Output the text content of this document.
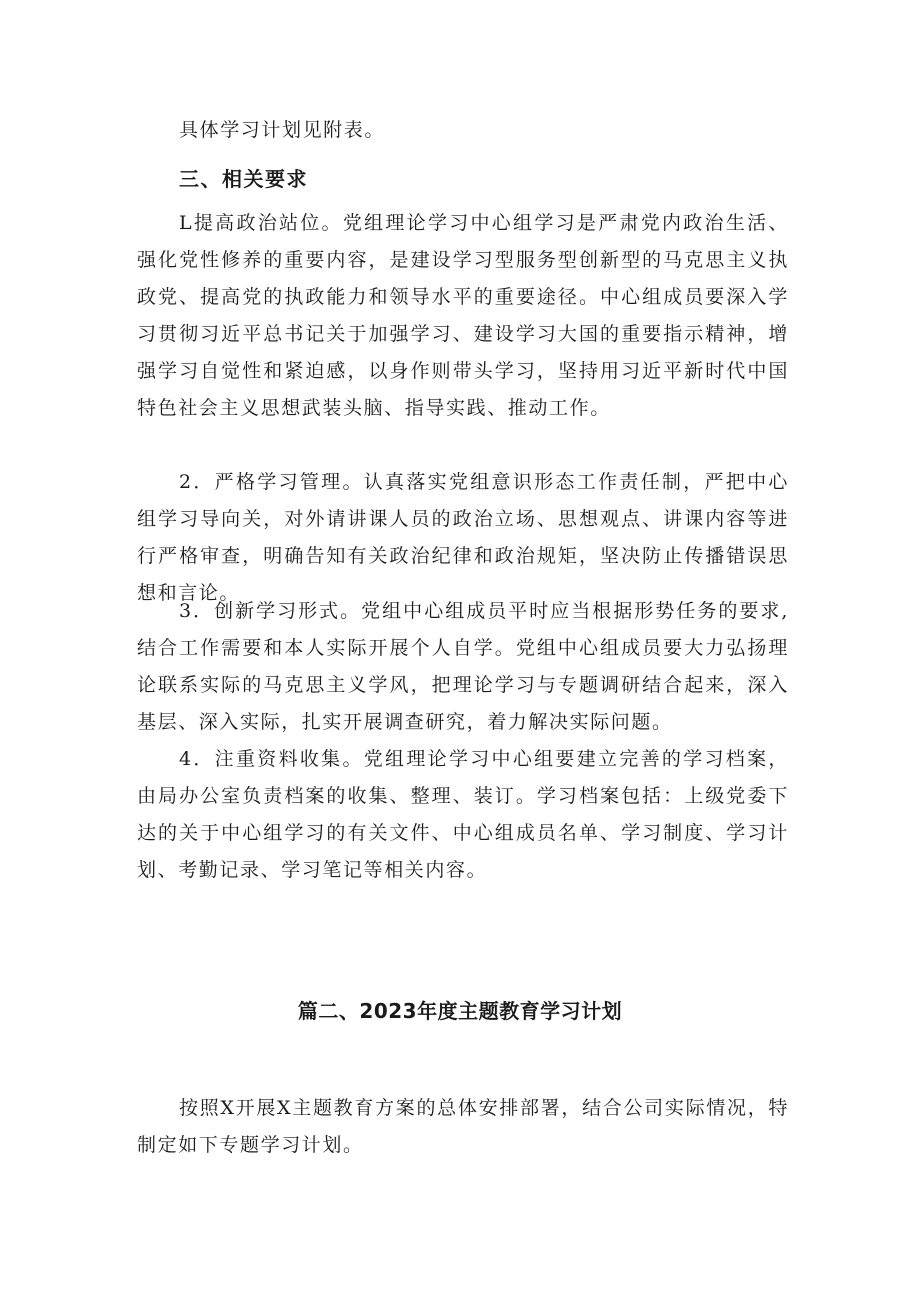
具体学习计划见附表。

三、相关要求

L提高政治站位。党组理论学习中心组学习是严肃党内政治生活、强化党性修养的重要内容，是建设学习型服务型创新型的马克思主义执政党、提高党的执政能力和领导水平的重要途径。中心组成员要深入学习贯彻习近平总书记关于加强学习、建设学习大国的重要指示精神，增强学习自觉性和紧迫感，以身作则带头学习，坚持用习近平新时代中国特色社会主义思想武装头脑、指导实践、推动工作。

2．严格学习管理。认真落实党组意识形态工作责任制，严把中心组学习导向关，对外请讲课人员的政治立场、思想观点、讲课内容等进行严格审查，明确告知有关政治纪律和政治规矩，坚决防止传播错误思想和言论。

3．创新学习形式。党组中心组成员平时应当根据形势任务的要求,结合工作需要和本人实际开展个人自学。党组中心组成员要大力弘扬理论联系实际的马克思主义学风，把理论学习与专题调研结合起来，深入基层、深入实际，扎实开展调查研究，着力解决实际问题。

4．注重资料收集。党组理论学习中心组要建立完善的学习档案，由局办公室负责档案的收集、整理、装订。学习档案包括：上级党委下达的关于中心组学习的有关文件、中心组成员名单、学习制度、学习计划、考勤记录、学习笔记等相关内容。

篇二、2023年度主题教育学习计划

按照X开展X主题教育方案的总体安排部署，结合公司实际情况，特制定如下专题学习计划。
